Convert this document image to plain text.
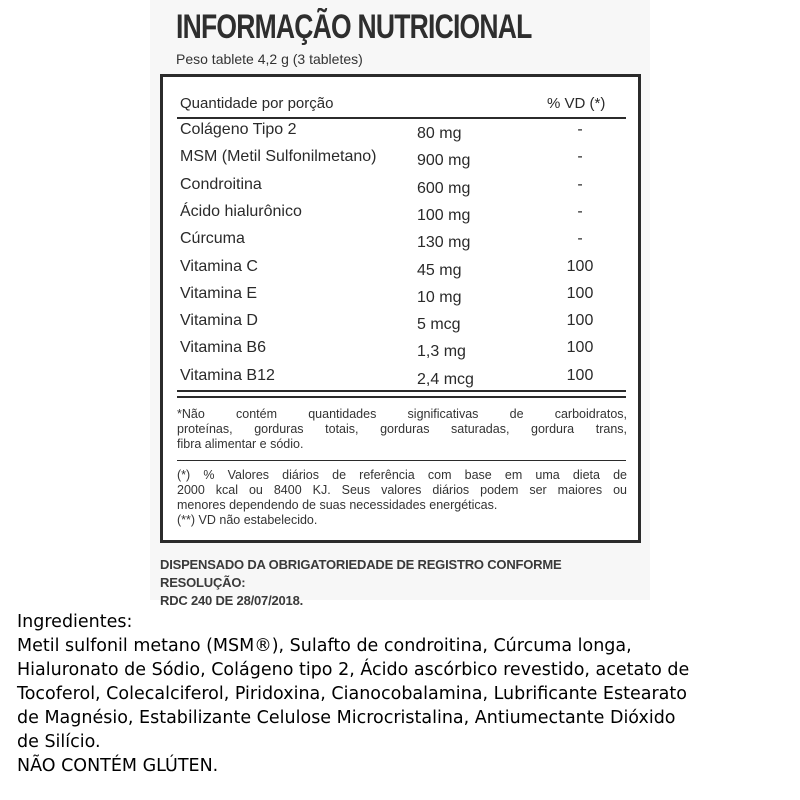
INFORMAÇÃO NUTRICIONAL
Peso tablete 4,2 g (3 tabletes)
Quantidade por porção	% VD (*)
Colágeno Tipo 2	80 mg	-
MSM (Metil Sulfonilmetano)	900 mg	-
Condroitina	600 mg	-
Ácido hialurônico	100 mg	-
Cúrcuma	130 mg	-
Vitamina C	45 mg	100
Vitamina E	10 mg	100
Vitamina D	5 mcg	100
Vitamina B6	1,3 mg	100
Vitamina B12	2,4 mcg	100
*Não contém quantidades significativas de carboidratos,
proteínas, gorduras totais, gorduras saturadas, gordura trans,
fibra alimentar e sódio.
(*) % Valores diários de referência com base em uma dieta de
2000 kcal ou 8400 KJ. Seus valores diários podem ser maiores ou
menores dependendo de suas necessidades energéticas.
(**) VD não estabelecido.
DISPENSADO DA OBRIGATORIEDADE DE REGISTRO CONFORME RESOLUÇÃO:
RDC 240 DE 28/07/2018.
Ingredientes:
Metil sulfonil metano (MSM®), Sulafto de condroitina, Cúrcuma longa,
Hialuronato de Sódio, Colágeno tipo 2, Ácido ascórbico revestido, acetato de
Tocoferol, Colecalciferol, Piridoxina, Cianocobalamina, Lubrificante Estearato
de Magnésio, Estabilizante Celulose Microcristalina, Antiumectante Dióxido
de Silício.
NÃO CONTÉM GLÚTEN.
